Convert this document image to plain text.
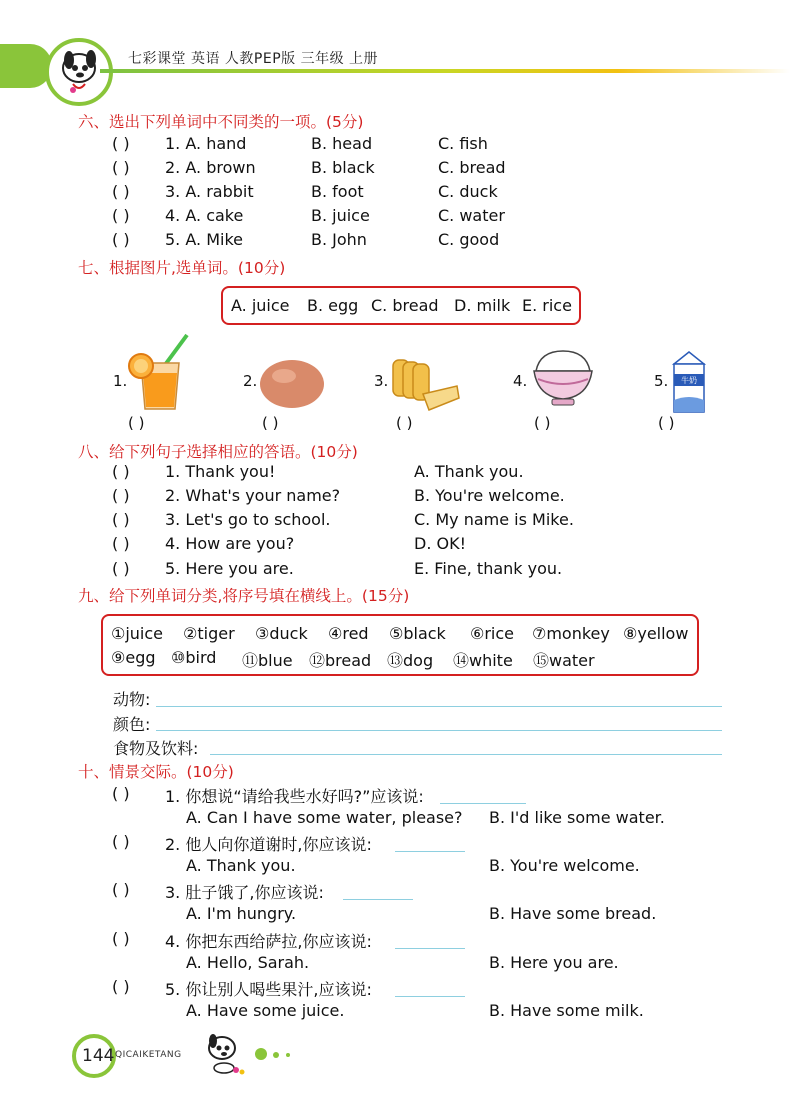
七彩课堂 英语 人教PEP版 三年级 上册
六、选出下列单词中不同类的一项。(5分)
( ) 1. A. hand	B. head	C. fish
( ) 2. A. brown	B. black	C. bread
( ) 3. A. rabbit	B. foot	C. duck
( ) 4. A. cake	B. juice	C. water
( ) 5. A. Mike	B. John	C. good
七、根据图片,选单词。(10分)
A. juice B. egg C. bread D. milk E. rice
1.
( )
2.
( )
3.
( )
4.
( )
5. 牛奶
( )
八、给下列句子选择相应的答语。(10分)
( ) 1. Thank you!	A. Thank you.
( ) 2. What's your name?	B. You're welcome.
( ) 3. Let's go to school.	C. My name is Mike.
( ) 4. How are you?	D. OK!
( ) 5. Here you are.	E. Fine, thank you.
九、给下列单词分类,将序号填在横线上。(15分)
①juice ②tiger ③duck ④red ⑤black ⑥rice ⑦monkey ⑧yellow
⑨egg ⑩bird ⑪blue ⑫bread ⑬dog ⑭white ⑮water
动物:
颜色:
食物及饮料:
十、情景交际。(10分)
( ) 1. 你想说“请给我些水好吗?”应该说:
A. Can I have some water, please? B. I'd like some water.
( ) 2. 他人向你道谢时,你应该说:
A. Thank you.	B. You're welcome.
( ) 3. 肚子饿了,你应该说:
A. I'm hungry.	B. Have some bread.
( ) 4. 你把东西给萨拉,你应该说:
A. Hello, Sarah.	B. Here you are.
( ) 5. 你让别人喝些果汁,应该说:
A. Have some juice.	B. Have some milk.
144 QICAIKETANG
